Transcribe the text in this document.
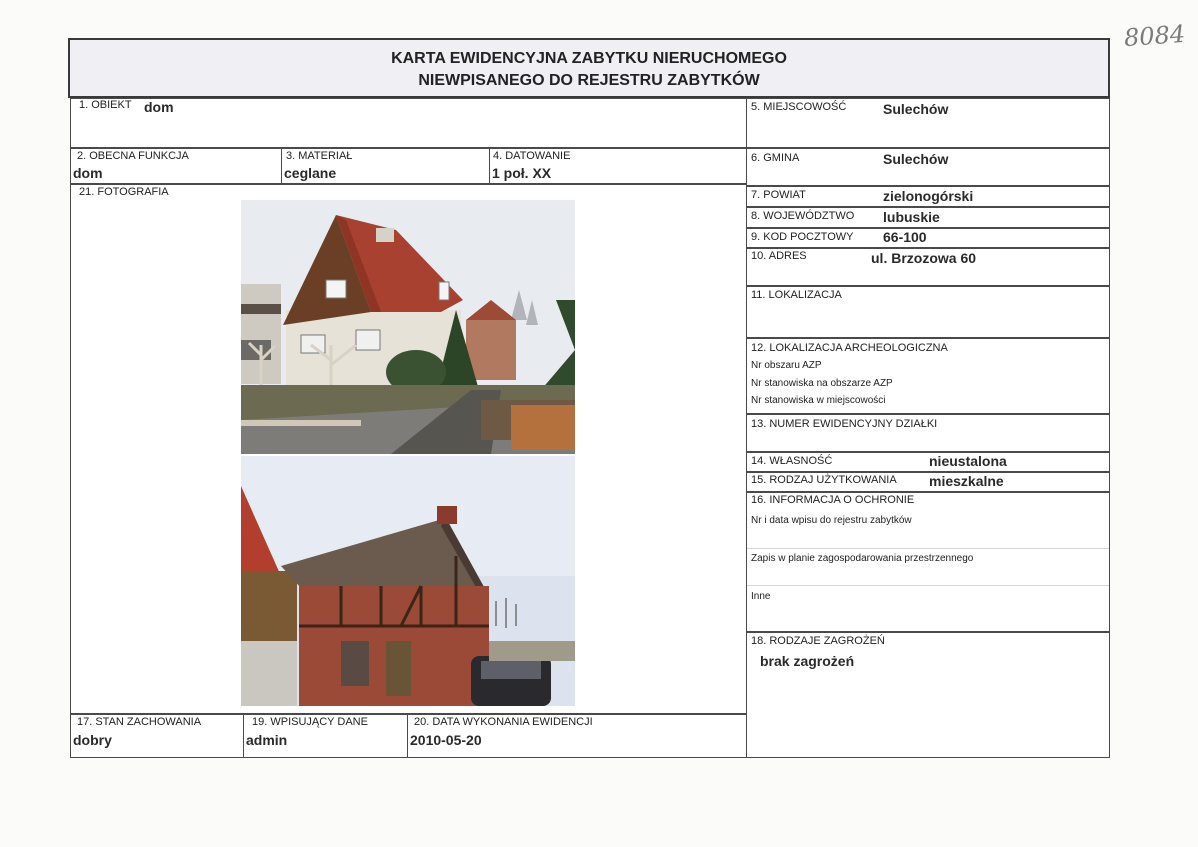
8084
KARTA EWIDENCYJNA ZABYTKU NIERUCHOMEGO
NIEWPISANEGO DO REJESTRU ZABYTKÓW
1. OBIEKT dom
2. OBECNA FUNKCJA
dom
3. MATERIAŁ
ceglane
4. DATOWANIE
1 poł. XX
21. FOTOGRAFIA
17. STAN ZACHOWANIA
dobry
19. WPISUJĄCY DANE
admin
20. DATA WYKONANIA EWIDENCJI
2010-05-20
5. MIEJSCOWOŚĆ	Sulechów
6. GMINA	Sulechów
7. POWIAT	zielonogórski
8. WOJEWÓDZTWO lubuskie
9. KOD POCZTOWY 66-100
10. ADRES	ul. Brzozowa 60
11. LOKALIZACJA
12. LOKALIZACJA ARCHEOLOGICZNA
Nr obszaru AZP
Nr stanowiska na obszarze AZP
Nr stanowiska w miejscowości
13. NUMER EWIDENCYJNY DZIAŁKI
14. WŁASNOŚĆ	nieustalona
15. RODZAJ UŻYTKOWANIA mieszkalne
16. INFORMACJA O OCHRONIE
Nr i data wpisu do rejestru zabytków
Zapis w planie zagospodarowania przestrzennego
Inne
18. RODZAJE ZAGROŻEŃ
brak zagrożeń
